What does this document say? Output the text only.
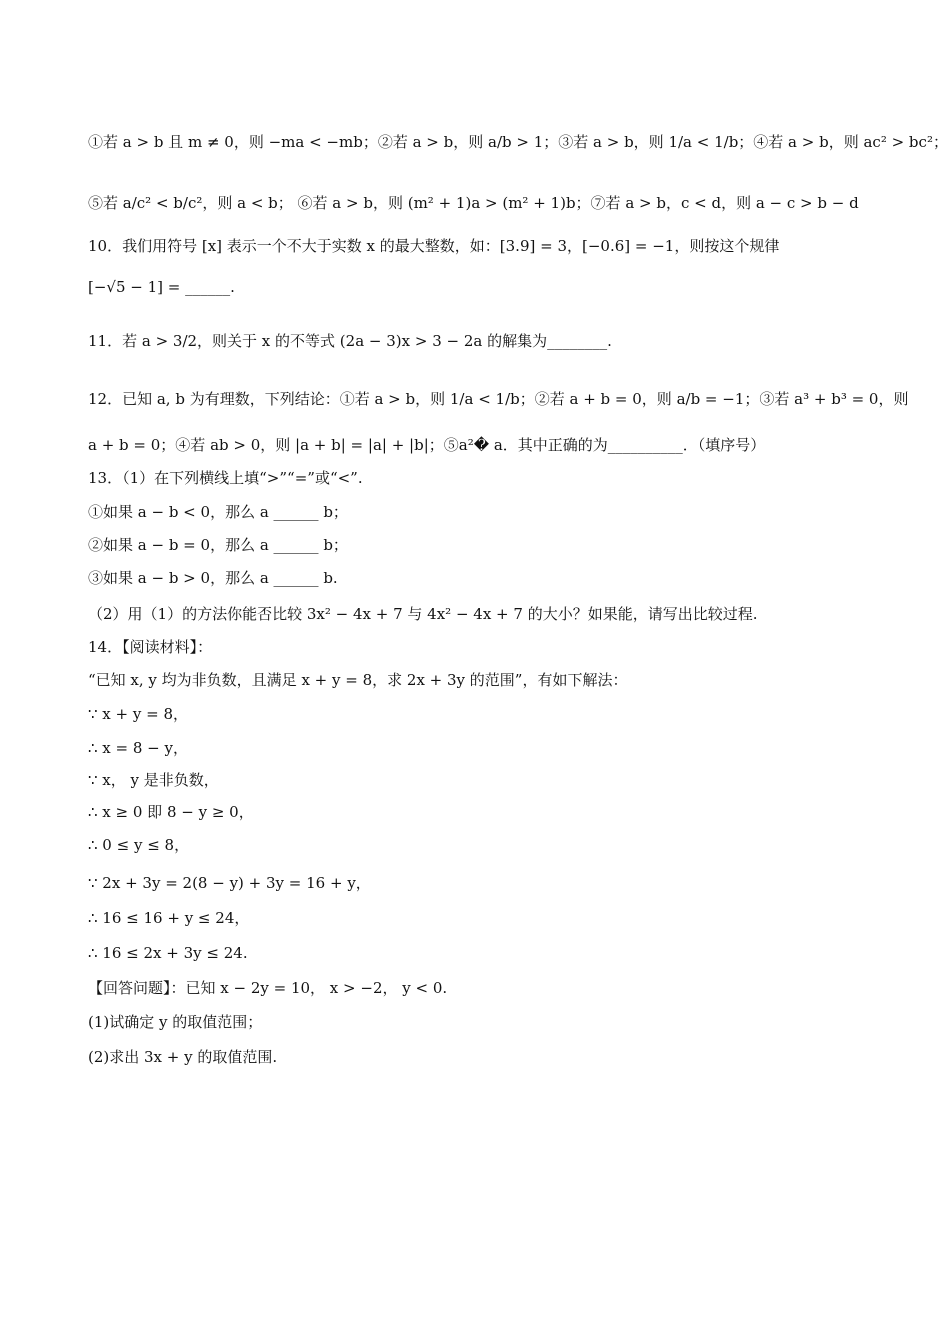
①若 a > b 且 m ≠ 0，则 −ma < −mb；②若 a > b，则 a/b > 1；③若 a > b，则 1/a < 1/b；④若 a > b，则 ac² > bc²；
⑤若 a/c² < b/c²，则 a < b； ⑥若 a > b，则 (m² + 1)a > (m² + 1)b；⑦若 a > b，c < d，则 a − c > b − d
10．我们用符号 [x] 表示一个不大于实数 x 的最大整数，如：[3.9] = 3，[−0.6] = −1，则按这个规律
[−√5 − 1] = ______.
11．若 a > 3/2，则关于 x 的不等式 (2a − 3)x > 3 − 2a 的解集为________.
12．已知 a, b 为有理数，下列结论：①若 a > b，则 1/a < 1/b；②若 a + b = 0，则 a/b = −1；③若 a³ + b³ = 0，则
a + b = 0；④若 ab > 0，则 |a + b| = |a| + |b|；⑤a²� a．其中正确的为__________．（填序号）
13．（1）在下列横线上填“>”“=”或“<”.
①如果 a − b < 0，那么 a ______ b；
②如果 a − b = 0，那么 a ______ b；
③如果 a − b > 0，那么 a ______ b.
（2）用（1）的方法你能否比较 3x² − 4x + 7 与 4x² − 4x + 7 的大小？如果能，请写出比较过程.
14．【阅读材料】：
“已知 x, y 均为非负数，且满足 x + y = 8，求 2x + 3y 的范围”，有如下解法：
∵ x + y = 8，
∴ x = 8 − y，
∵ x， y 是非负数，
∴ x ≥ 0 即 8 − y ≥ 0，
∴ 0 ≤ y ≤ 8，
∵ 2x + 3y = 2(8 − y) + 3y = 16 + y，
∴ 16 ≤ 16 + y ≤ 24，
∴ 16 ≤ 2x + 3y ≤ 24.
【回答问题】：已知 x − 2y = 10， x > −2， y < 0.
(1)试确定 y 的取值范围；
(2)求出 3x + y 的取值范围.
